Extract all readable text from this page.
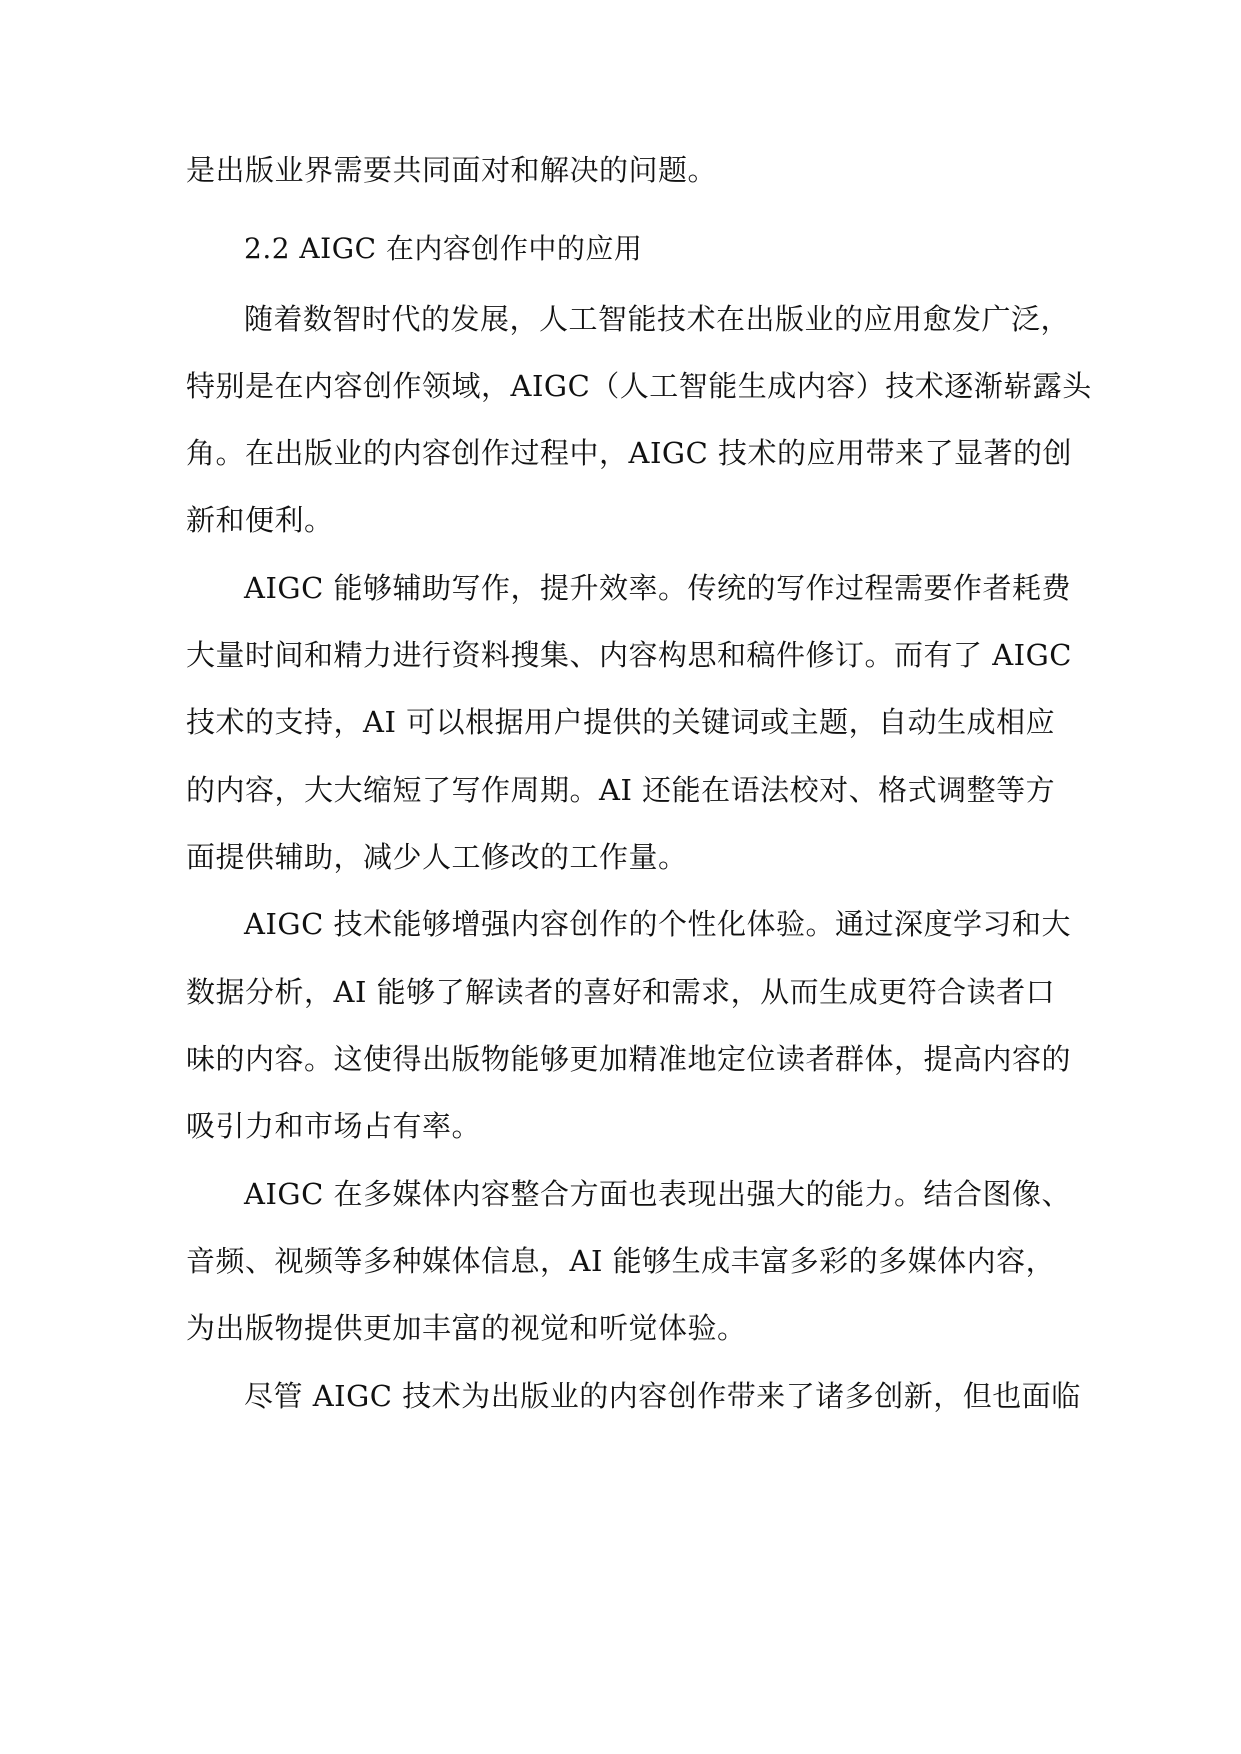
是出版业界需要共同面对和解决的问题。
2.2 AIGC 在内容创作中的应用
随着数智时代的发展，人工智能技术在出版业的应用愈发广泛，
特别是在内容创作领域，AIGC（人工智能生成内容）技术逐渐崭露头
角。在出版业的内容创作过程中，AIGC 技术的应用带来了显著的创
新和便利。
AIGC 能够辅助写作，提升效率。传统的写作过程需要作者耗费
大量时间和精力进行资料搜集、内容构思和稿件修订。而有了 AIGC
技术的支持，AI 可以根据用户提供的关键词或主题，自动生成相应
的内容，大大缩短了写作周期。AI 还能在语法校对、格式调整等方
面提供辅助，减少人工修改的工作量。
AIGC 技术能够增强内容创作的个性化体验。通过深度学习和大
数据分析，AI 能够了解读者的喜好和需求，从而生成更符合读者口
味的内容。这使得出版物能够更加精准地定位读者群体，提高内容的
吸引力和市场占有率。
AIGC 在多媒体内容整合方面也表现出强大的能力。结合图像、
音频、视频等多种媒体信息，AI 能够生成丰富多彩的多媒体内容，
为出版物提供更加丰富的视觉和听觉体验。
尽管 AIGC 技术为出版业的内容创作带来了诸多创新，但也面临
